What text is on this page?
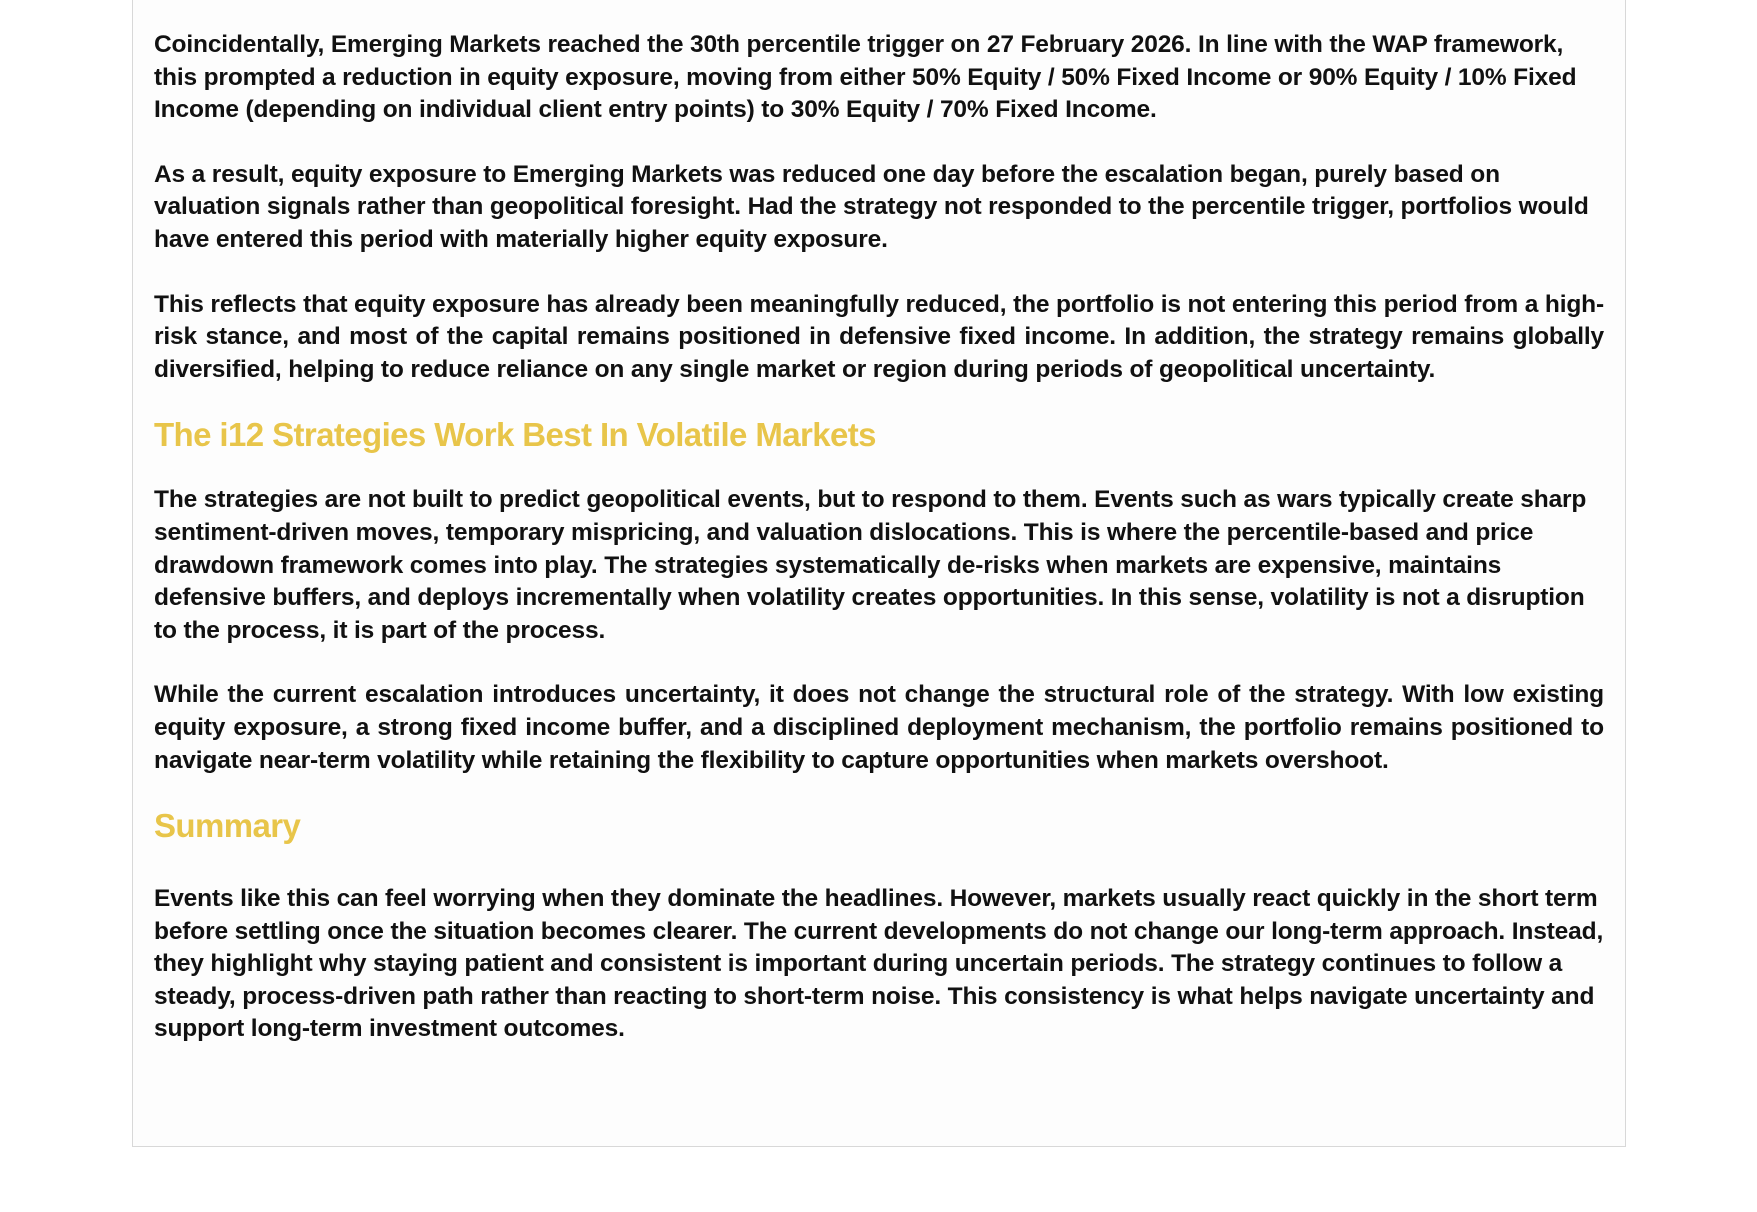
Coincidentally, Emerging Markets reached the 30th percentile trigger on 27 February 2026. In line with the WAP framework, this prompted a reduction in equity exposure, moving from either 50% Equity / 50% Fixed Income or 90% Equity / 10% Fixed Income (depending on individual client entry points) to 30% Equity / 70% Fixed Income.

As a result, equity exposure to Emerging Markets was reduced one day before the escalation began, purely based on valuation signals rather than geopolitical foresight. Had the strategy not responded to the percentile trigger, portfolios would have entered this period with materially higher equity exposure.

This reflects that equity exposure has already been meaningfully reduced, the portfolio is not entering this period from a high-risk stance, and most of the capital remains positioned in defensive fixed income. In addition, the strategy remains globally diversified, helping to reduce reliance on any single market or region during periods of geopolitical uncertainty.

The i12 Strategies Work Best In Volatile Markets

The strategies are not built to predict geopolitical events, but to respond to them. Events such as wars typically create sharp sentiment-driven moves, temporary mispricing, and valuation dislocations. This is where the percentile-based and price drawdown framework comes into play. The strategies systematically de-risks when markets are expensive, maintains defensive buffers, and deploys incrementally when volatility creates opportunities. In this sense, volatility is not a disruption to the process, it is part of the process.

While the current escalation introduces uncertainty, it does not change the structural role of the strategy. With low existing equity exposure, a strong fixed income buffer, and a disciplined deployment mechanism, the portfolio remains positioned to navigate near-term volatility while retaining the flexibility to capture opportunities when markets overshoot.

Summary

Events like this can feel worrying when they dominate the headlines. However, markets usually react quickly in the short term before settling once the situation becomes clearer. The current developments do not change our long-term approach. Instead, they highlight why staying patient and consistent is important during uncertain periods. The strategy continues to follow a steady, process-driven path rather than reacting to short-term noise. This consistency is what helps navigate uncertainty and support long-term investment outcomes.
